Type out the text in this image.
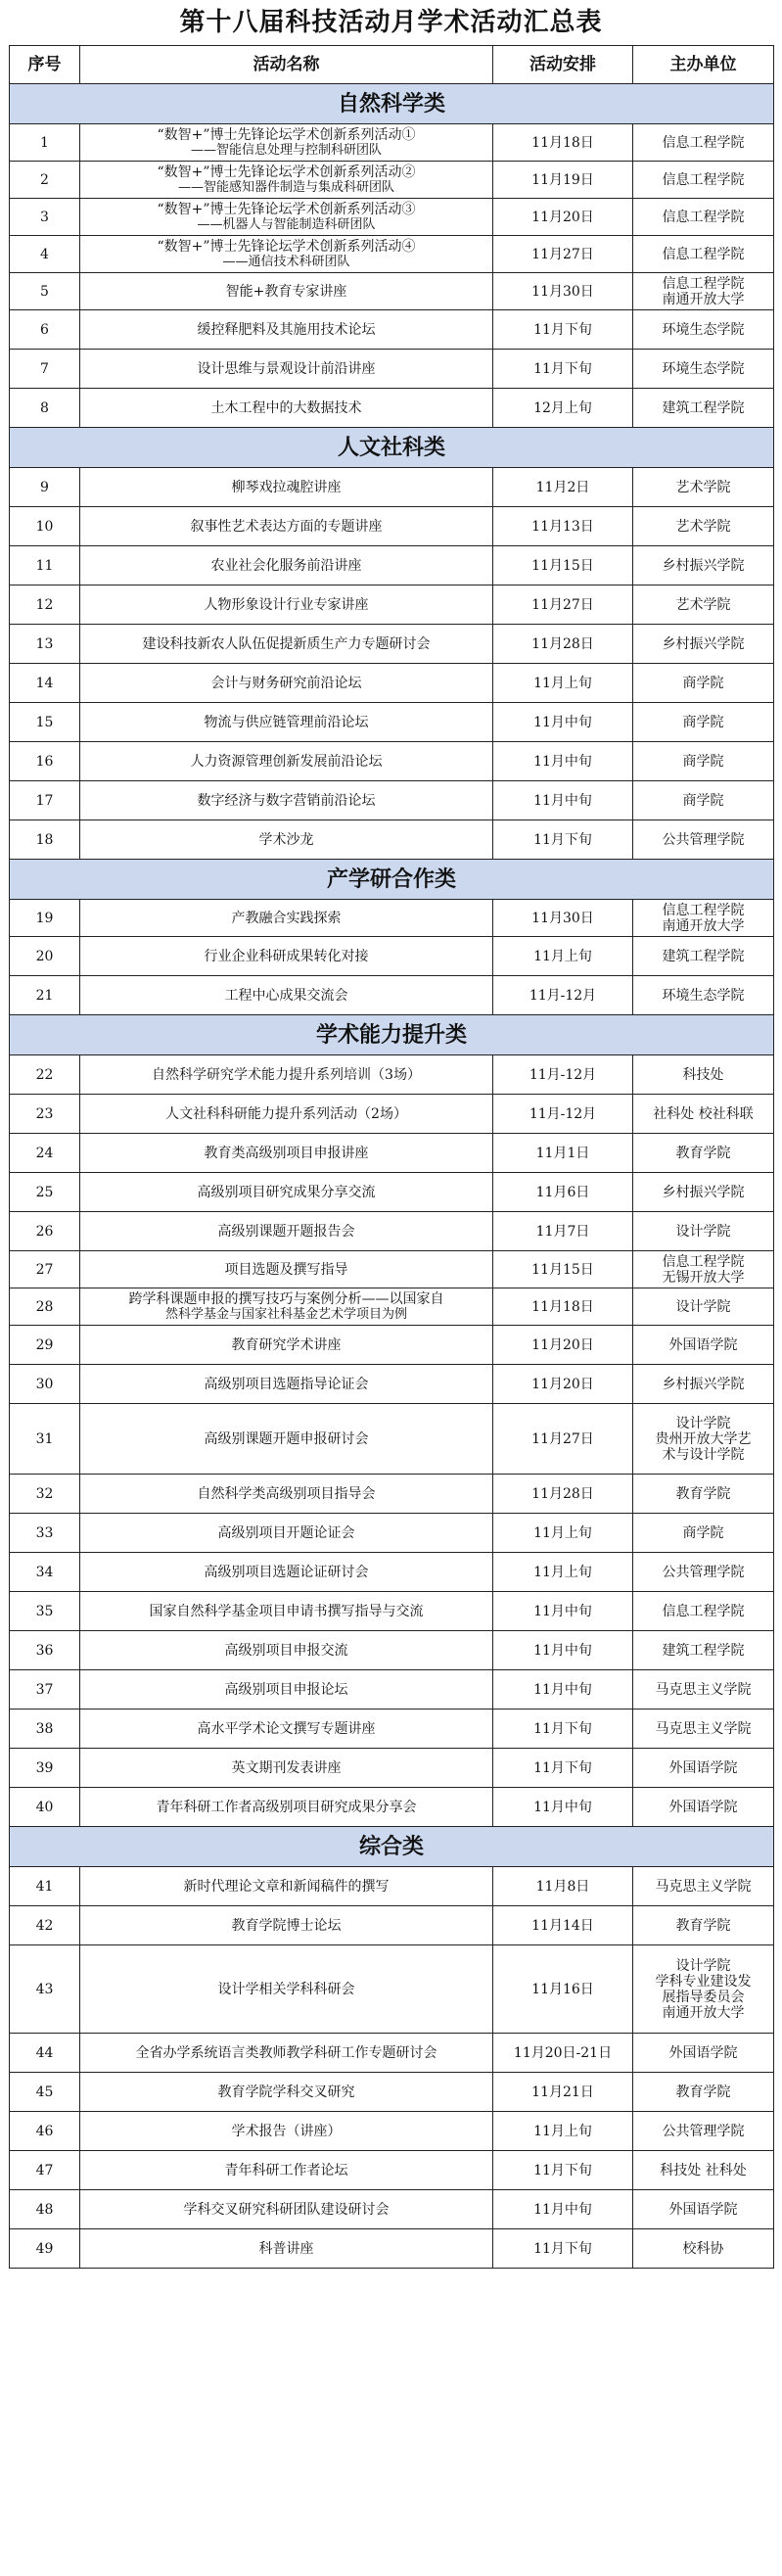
第十八届科技活动月学术活动汇总表
序号	活动名称	活动安排	主办单位
自然科学类			
1	“数智+”博士先锋论坛学术创新系列活动①
——智能信息处理与控制科研团队	11月18日	信息工程学院

2	“数智+”博士先锋论坛学术创新系列活动②
——智能感知器件制造与集成科研团队	11月19日	信息工程学院

3	“数智+”博士先锋论坛学术创新系列活动③
——机器人与智能制造科研团队	11月20日	信息工程学院

4	“数智+”博士先锋论坛学术创新系列活动④
——通信技术科研团队	11月27日	信息工程学院

5	智能+教育专家讲座	11月30日	信息工程学院
南通开放大学

6	缓控释肥料及其施用技术论坛	11月下旬	环境生态学院

7	设计思维与景观设计前沿讲座	11月下旬	环境生态学院

8	土木工程中的大数据技术	12月上旬	建筑工程学院

人文社科类			
9	柳琴戏拉魂腔讲座	11月2日	艺术学院

10	叙事性艺术表达方面的专题讲座	11月13日	艺术学院

11	农业社会化服务前沿讲座	11月15日	乡村振兴学院

12	人物形象设计行业专家讲座	11月27日	艺术学院

13	建设科技新农人队伍促提新质生产力专题研讨会	11月28日	乡村振兴学院

14	会计与财务研究前沿论坛	11月上旬	商学院

15	物流与供应链管理前沿论坛	11月中旬	商学院

16	人力资源管理创新发展前沿论坛	11月中旬	商学院

17	数字经济与数字营销前沿论坛	11月中旬	商学院

18	学术沙龙	11月下旬	公共管理学院

产学研合作类			
19	产教融合实践探索	11月30日	信息工程学院
南通开放大学

20	行业企业科研成果转化对接	11月上旬	建筑工程学院

21	工程中心成果交流会	11月-12月	环境生态学院

学术能力提升类			
22	自然科学研究学术能力提升系列培训（3场）	11月-12月	科技处

23	人文社科科研能力提升系列活动（2场）	11月-12月	社科处 校社科联

24	教育类高级别项目申报讲座	11月1日	教育学院

25	高级别项目研究成果分享交流	11月6日	乡村振兴学院

26	高级别课题开题报告会	11月7日	设计学院

27	项目选题及撰写指导	11月15日	信息工程学院
无锡开放大学

28	跨学科课题申报的撰写技巧与案例分析——以国家自
然科学基金与国家社科基金艺术学项目为例	11月18日	设计学院

29	教育研究学术讲座	11月20日	外国语学院

30	高级别项目选题指导论证会	11月20日	乡村振兴学院

31	高级别课题开题申报研讨会	11月27日	设计学院
贵州开放大学艺
术与设计学院

32	自然科学类高级别项目指导会	11月28日	教育学院

33	高级别项目开题论证会	11月上旬	商学院

34	高级别项目选题论证研讨会	11月上旬	公共管理学院

35	国家自然科学基金项目申请书撰写指导与交流	11月中旬	信息工程学院

36	高级别项目申报交流	11月中旬	建筑工程学院

37	高级别项目申报论坛	11月中旬	马克思主义学院

38	高水平学术论文撰写专题讲座	11月下旬	马克思主义学院

39	英文期刊发表讲座	11月下旬	外国语学院

40	青年科研工作者高级别项目研究成果分享会	11月中旬	外国语学院

综合类			
41	新时代理论文章和新闻稿件的撰写	11月8日	马克思主义学院

42	教育学院博士论坛	11月14日	教育学院

43	设计学相关学科科研会	11月16日	设计学院
学科专业建设发
展指导委员会
南通开放大学

44	全省办学系统语言类教师教学科研工作专题研讨会	11月20日-21日	外国语学院

45	教育学院学科交叉研究	11月21日	教育学院

46	学术报告（讲座）	11月上旬	公共管理学院

47	青年科研工作者论坛	11月下旬	科技处 社科处

48	学科交叉研究科研团队建设研讨会	11月中旬	外国语学院

49	科普讲座	11月下旬	校科协
